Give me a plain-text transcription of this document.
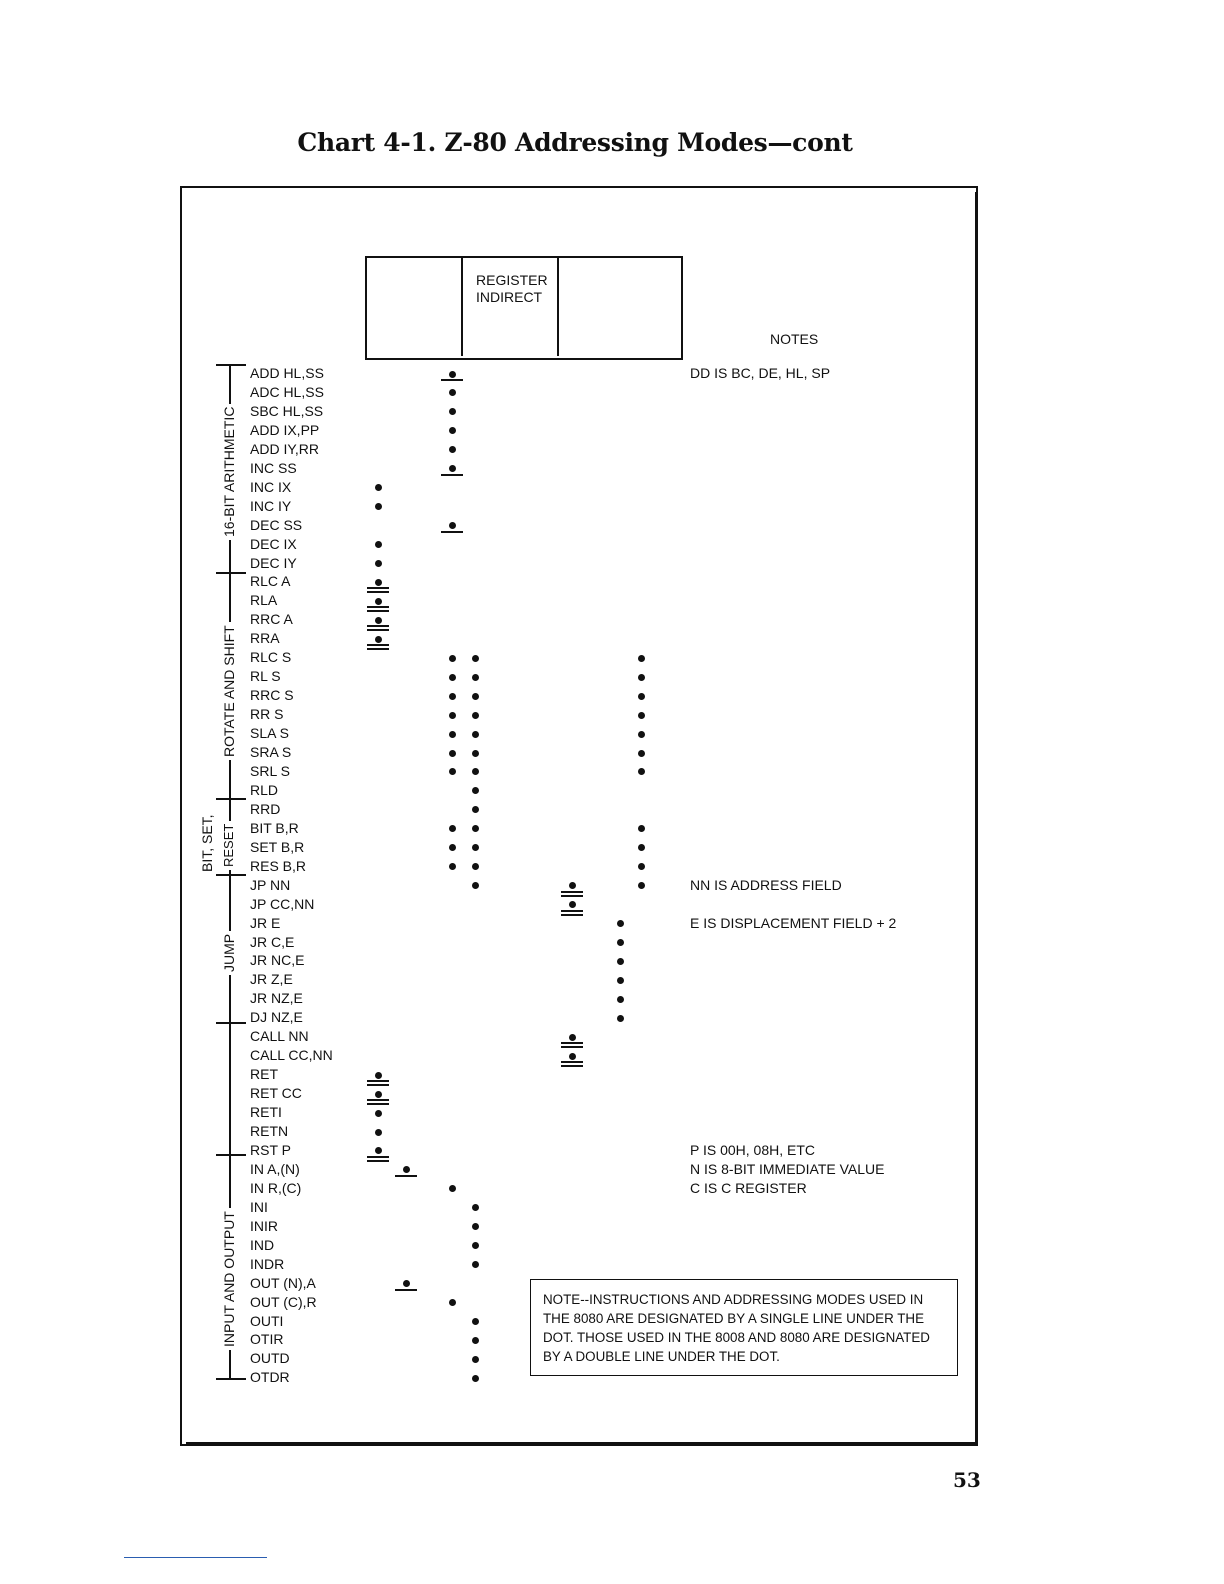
Chart 4-1. Z-80 Addressing Modes—cont
REGISTER
INDIRECT
NOTES
16-BIT ARITHMETIC
ROTATE AND SHIFT
BIT, SET, RESET
JUMP
INPUT AND OUTPUT
ADD HL,SS
ADC HL,SS
SBC HL,SS
ADD IX,PP
ADD IY,RR
INC SS
INC IX
INC IY
DEC SS
DEC IX
DEC IY
RLC A
RLA
RRC A
RRA
RLC S
RL S
RRC S
RR S
SLA S
SRA S
SRL S
RLD
RRD
BIT B,R
SET B,R
RES B,R
JP NN
JP CC,NN
JR E
JR C,E
JR NC,E
JR Z,E
JR NZ,E
DJ NZ,E
CALL NN
CALL CC,NN
RET
RET CC
RETI
RETN
RST P
IN A,(N)
IN R,(C)
INI
INIR
IND
INDR
OUT (N),A
OUT (C),R
OUTI
OTIR
OUTD
OTDR
DD IS BC, DE, HL, SP
NN IS ADDRESS FIELD
E IS DISPLACEMENT FIELD + 2
P IS 00H, 08H, ETC
N IS 8-BIT IMMEDIATE VALUE
C IS C REGISTER
NOTE--INSTRUCTIONS AND ADDRESSING MODES USED IN
THE 8080 ARE DESIGNATED BY A SINGLE LINE UNDER THE
DOT. THOSE USED IN THE 8008 AND 8080 ARE DESIGNATED
BY A DOUBLE LINE UNDER THE DOT.
53
